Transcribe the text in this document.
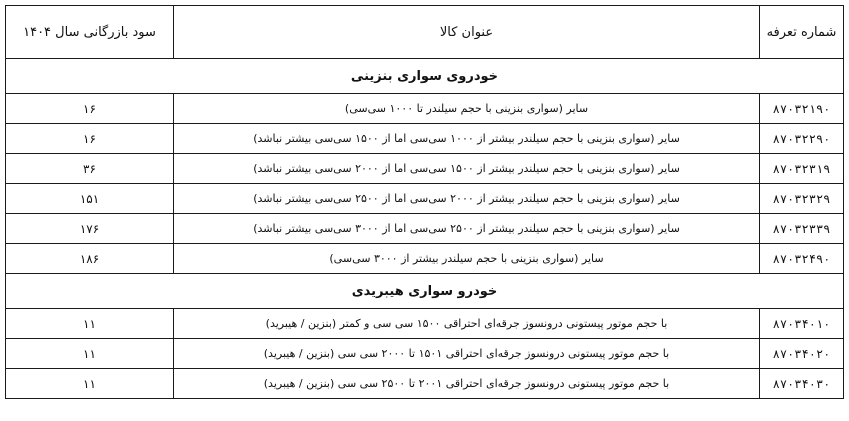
شماره تعرفه	عنوان کالا	سود بازرگانی سال ۱۴۰۴
خودروی سواری بنزینی		
۸۷۰۳۲۱۹۰	سایر (سواری بنزینی با حجم سیلندر تا ۱۰۰۰ سی‌سی)	۱۶
۸۷۰۳۲۲۹۰	سایر (سواری بنزینی با حجم سیلندر بیشتر از ۱۰۰۰ سی‌سی اما از ۱۵۰۰ سی‌سی بیشتر نباشد)	۱۶
۸۷۰۳۲۳۱۹	سایر (سواری بنزینی با حجم سیلندر بیشتر از ۱۵۰۰ سی‌سی اما از ۲۰۰۰ سی‌سی بیشتر نباشد)	۳۶
۸۷۰۳۲۳۲۹	سایر (سواری بنزینی با حجم سیلندر بیشتر از ۲۰۰۰ سی‌سی اما از ۲۵۰۰ سی‌سی بیشتر نباشد)	۱۵۱
۸۷۰۳۲۳۳۹	سایر (سواری بنزینی با حجم سیلندر بیشتر از ۲۵۰۰ سی‌سی اما از ۳۰۰۰ سی‌سی بیشتر نباشد)	۱۷۶
۸۷۰۳۲۴۹۰	سایر (سواری بنزینی با حجم سیلندر بیشتر از ۳۰۰۰ سی‌سی)	۱۸۶
خودرو سواری هیبریدی		
۸۷۰۳۴۰۱۰	با حجم موتور پیستونی درونسوز جرقه‌ای احتراقی ۱۵۰۰ سی سی و کمتر (بنزین / هیبرید)	۱۱
۸۷۰۳۴۰۲۰	با حجم موتور پیستونی درونسوز جرقه‌ای احتراقی ۱۵۰۱ تا ۲۰۰۰ سی سی (بنزین / هیبرید)	۱۱
۸۷۰۳۴۰۳۰	با حجم موتور پیستونی درونسوز جرقه‌ای احتراقی ۲۰۰۱ تا ۲۵۰۰ سی سی (بنزین / هیبرید)	۱۱
